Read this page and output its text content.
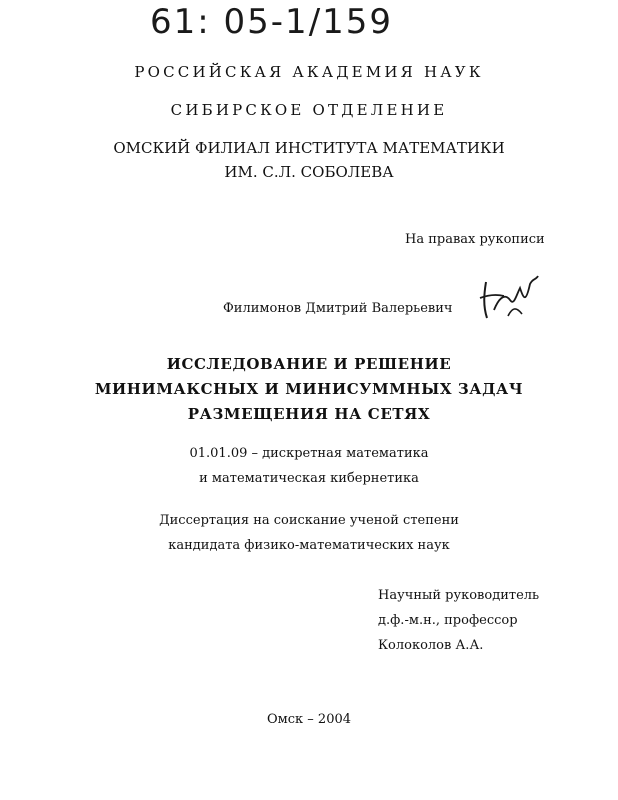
61: 05-1/159
РОССИЙСКАЯ АКАДЕМИЯ НАУК
СИБИРСКОЕ ОТДЕЛЕНИЕ
ОМСКИЙ ФИЛИАЛ ИНСТИТУТА МАТЕМАТИКИ
ИМ. С.Л. СОБОЛЕВА
На правах рукописи
Филимонов Дмитрий Валерьевич
ИССЛЕДОВАНИЕ И РЕШЕНИЕ
МИНИМАКСНЫХ И МИНИСУММНЫХ ЗАДАЧ
РАЗМЕЩЕНИЯ НА СЕТЯХ
01.01.09 – дискретная математика
и математическая кибернетика
Диссертация на соискание ученой степени
кандидата физико-математических наук
Научный руководитель
д.ф.-м.н., профессор
Колоколов А.А.
Омск – 2004
